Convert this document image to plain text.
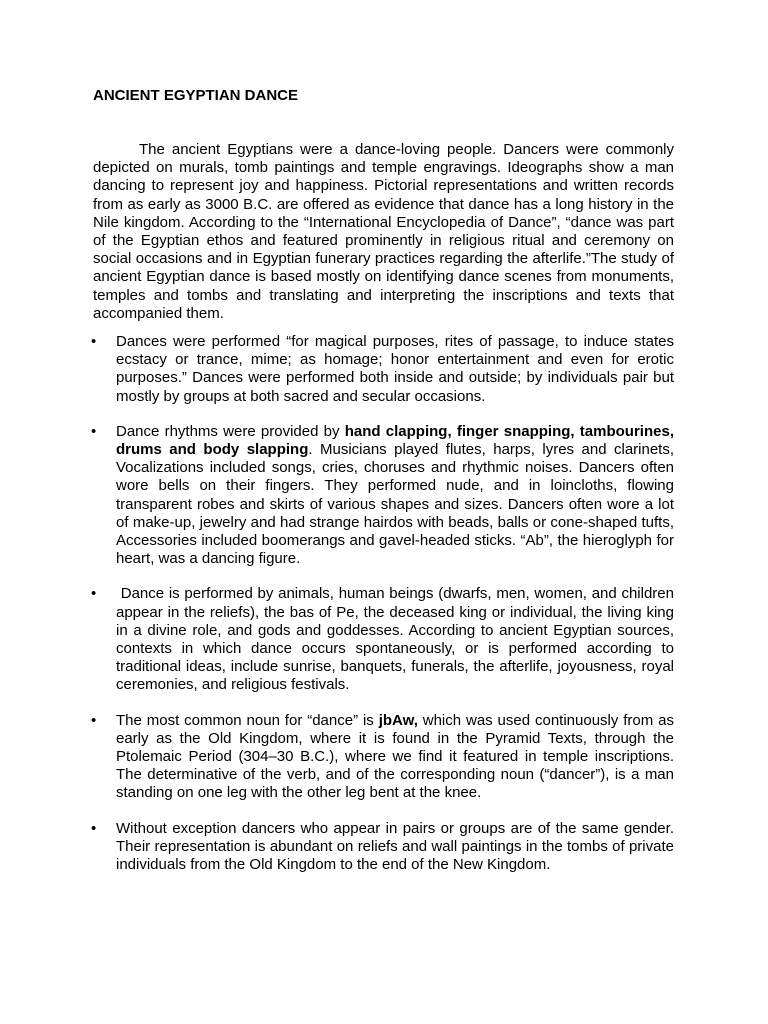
ANCIENT EGYPTIAN DANCE

The ancient Egyptians were a dance-loving people. Dancers were commonly depicted on murals, tomb paintings and temple engravings. Ideographs show a man dancing to represent joy and happiness. Pictorial representations and written records from as early as 3000 B.C. are offered as evidence that dance has a long history in the Nile kingdom. According to the “International Encyclopedia of Dance”, “dance was part of the Egyptian ethos and featured prominently in religious ritual and ceremony on social occasions and in Egyptian funerary practices regarding the afterlife.”The study of ancient Egyptian dance is based mostly on identifying dance scenes from monuments, temples and tombs and translating and interpreting the inscriptions and texts that accompanied them.

• Dances were performed “for magical purposes, rites of passage, to induce states ecstacy or trance, mime; as homage; honor entertainment and even for erotic purposes.” Dances were performed both inside and outside; by individuals pair but mostly by groups at both sacred and secular occasions.

• Dance rhythms were provided by hand clapping, finger snapping, tambourines, drums and body slapping. Musicians played flutes, harps, lyres and clarinets, Vocalizations included songs, cries, choruses and rhythmic noises. Dancers often wore bells on their fingers. They performed nude, and in loincloths, flowing transparent robes and skirts of various shapes and sizes. Dancers often wore a lot of make-up, jewelry and had strange hairdos with beads, balls or cone-shaped tufts, Accessories included boomerangs and gavel-headed sticks. “Ab”, the hieroglyph for heart, was a dancing figure.

• Dance is performed by animals, human beings (dwarfs, men, women, and children appear in the reliefs), the bas of Pe, the deceased king or individual, the living king in a divine role, and gods and goddesses. According to ancient Egyptian sources, contexts in which dance occurs spontaneously, or is performed according to traditional ideas, include sunrise, banquets, funerals, the afterlife, joyousness, royal ceremonies, and religious festivals.

• The most common noun for “dance” is jbAw, which was used continuously from as early as the Old Kingdom, where it is found in the Pyramid Texts, through the Ptolemaic Period (304–30 B.C.), where we find it featured in temple inscriptions. The determinative of the verb, and of the corresponding noun (“dancer”), is a man standing on one leg with the other leg bent at the knee.

• Without exception dancers who appear in pairs or groups are of the same gender. Their representation is abundant on reliefs and wall paintings in the tombs of private individuals from the Old Kingdom to the end of the New Kingdom.
